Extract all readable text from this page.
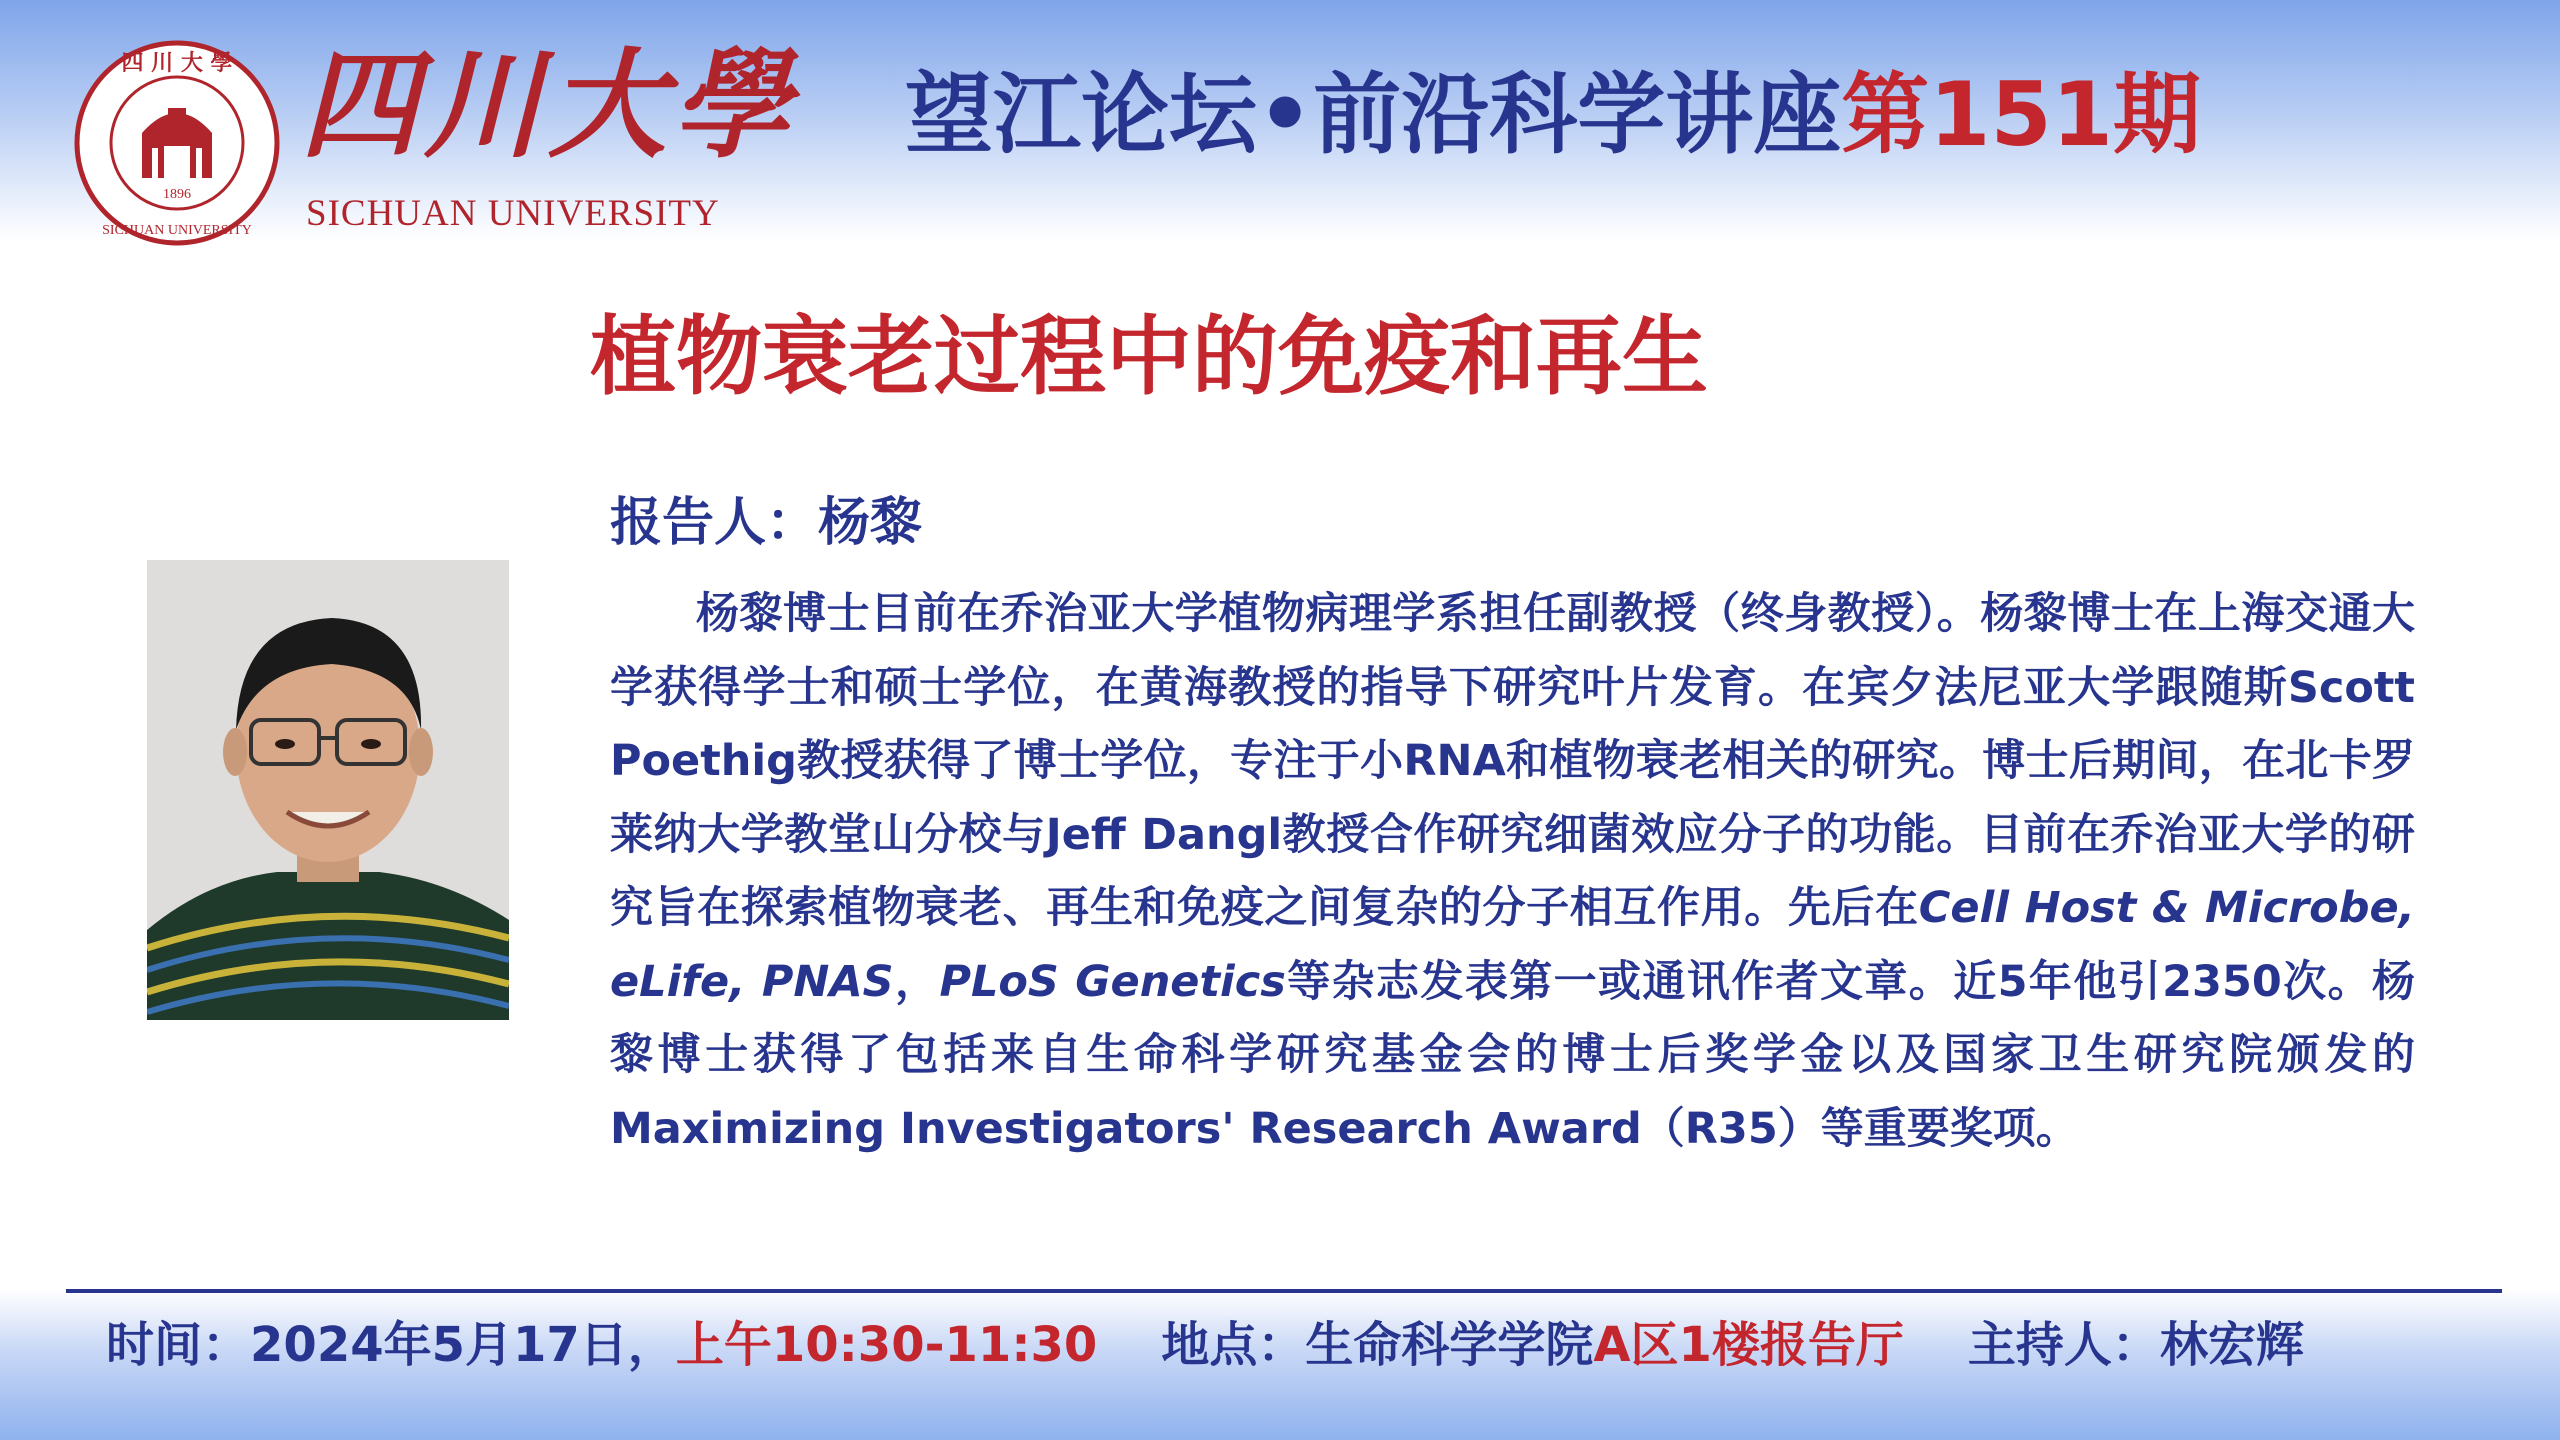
四 川 大 學
SICHUAN UNIVERSITY
1896
四川大學
SICHUAN UNIVERSITY
望江论坛•前沿科学讲座第151期
植物衰老过程中的免疫和再生
报告人：杨黎
杨黎博士目前在乔治亚大学植物病理学系担任副教授（终身教授）。杨黎博士在上海交通大学获得学士和硕士学位，在黄海教授的指导下研究叶片发育。在宾夕法尼亚大学跟随斯Scott Poethig教授获得了博士学位，专注于小RNA和植物衰老相关的研究。博士后期间，在北卡罗莱纳大学教堂山分校与Jeff Dangl教授合作研究细菌效应分子的功能。目前在乔治亚大学的研究旨在探索植物衰老、再生和免疫之间复杂的分子相互作用。先后在Cell Host & Microbe, eLife, PNAS，PLoS Genetics等杂志发表第一或通讯作者文章。近5年他引2350次。杨黎博士获得了包括来自生命科学研究基金会的博士后奖学金以及国家卫生研究院颁发的Maximizing Investigators' Research Award（R35）等重要奖项。
时间：2024年5月17日，上午10:30-11:30 地点：生命科学学院A区1楼报告厅 主持人：林宏辉
